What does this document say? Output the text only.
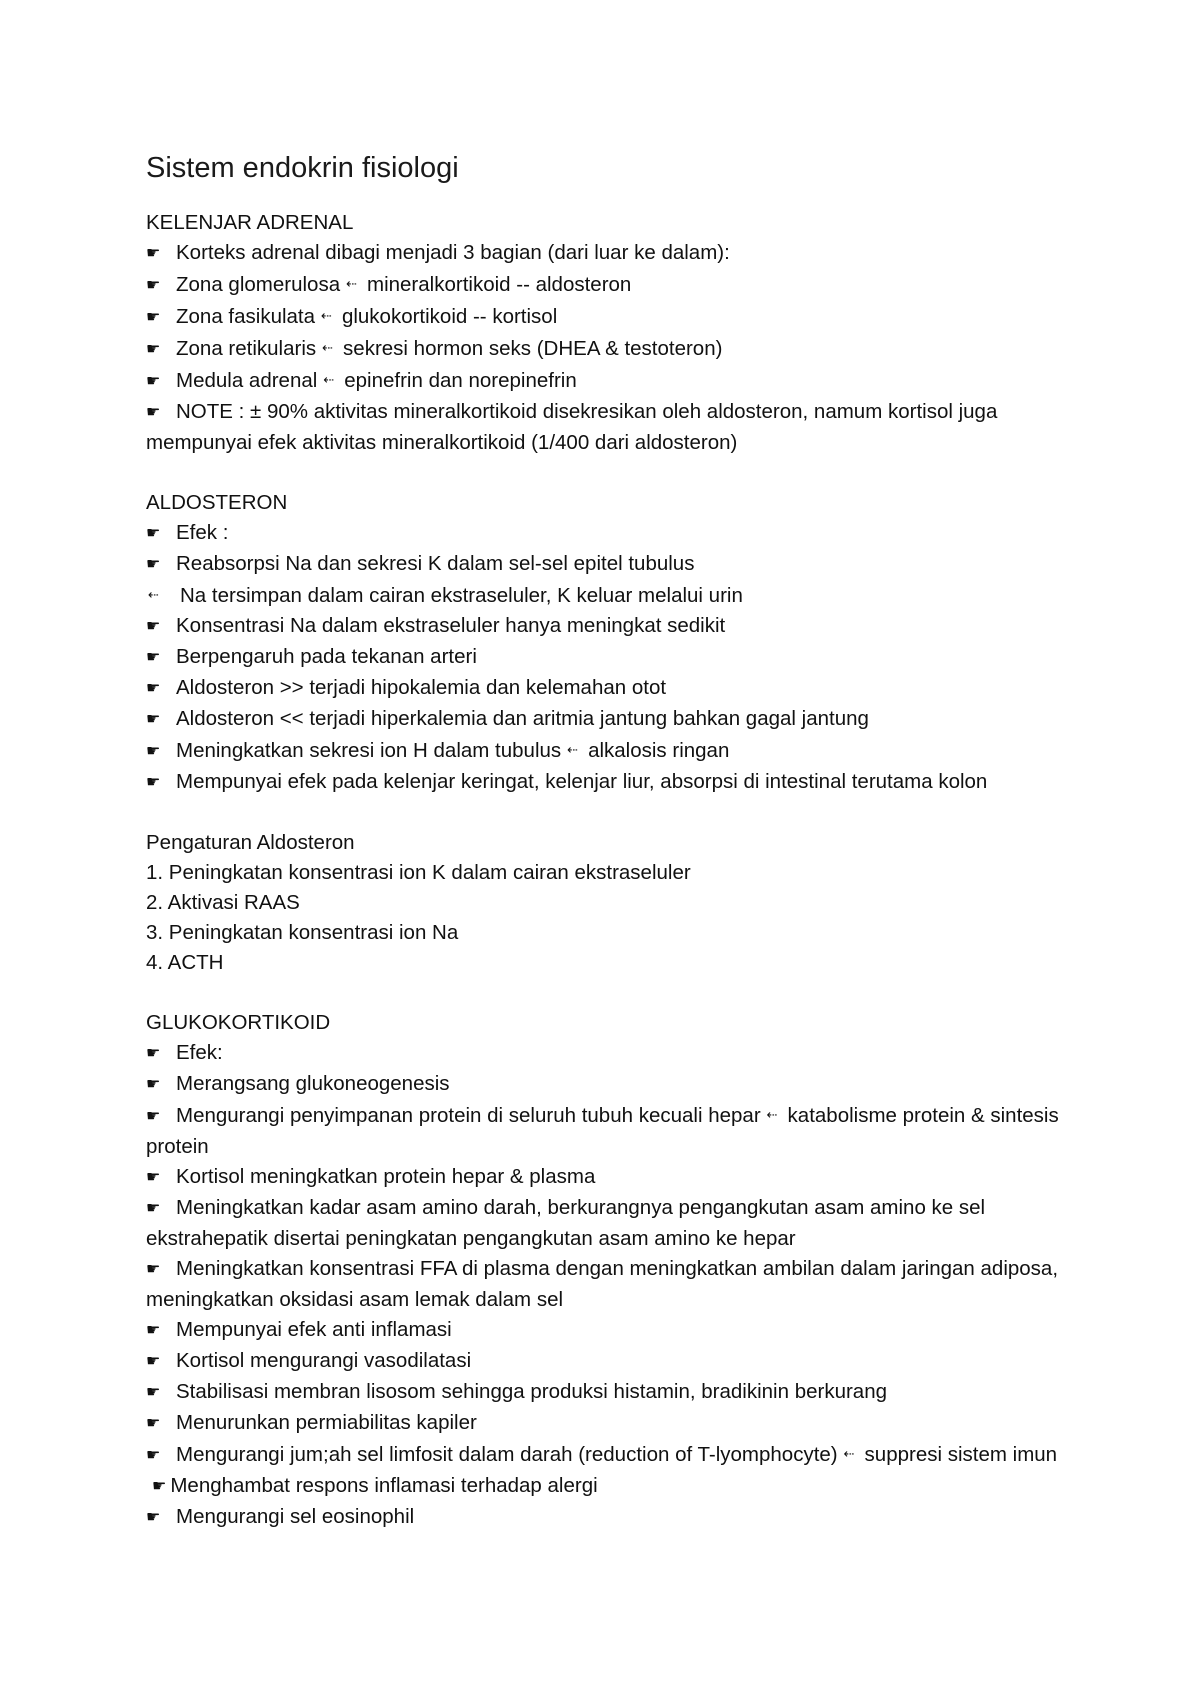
Sistem endokrin fisiologi

KELENJAR ADRENAL

☛ Korteks adrenal dibagi menjadi 3 bagian (dari luar ke dalam):

☛ Zona glomerulosa ⇠ mineralkortikoid -- aldosteron

☛ Zona fasikulata ⇠ glukokortikoid -- kortisol

☛ Zona retikularis ⇠ sekresi hormon seks (DHEA & testoteron)

☛ Medula adrenal ⇠ epinefrin dan norepinefrin

☛ NOTE : ± 90% aktivitas mineralkortikoid disekresikan oleh aldosteron, namum kortisol juga mempunyai efek aktivitas mineralkortikoid (1/400 dari aldosteron)

ALDOSTERON

☛ Efek :

☛ Reabsorpsi Na dan sekresi K dalam sel-sel epitel tubulus

⇠ Na tersimpan dalam cairan ekstraseluler, K keluar melalui urin

☛ Konsentrasi Na dalam ekstraseluler hanya meningkat sedikit

☛ Berpengaruh pada tekanan arteri

☛ Aldosteron >> terjadi hipokalemia dan kelemahan otot

☛ Aldosteron << terjadi hiperkalemia dan aritmia jantung bahkan gagal jantung

☛ Meningkatkan sekresi ion H dalam tubulus ⇠ alkalosis ringan

☛ Mempunyai efek pada kelenjar keringat, kelenjar liur, absorpsi di intestinal terutama kolon

Pengaturan Aldosteron

1. Peningkatan konsentrasi ion K dalam cairan ekstraseluler

2. Aktivasi RAAS

3. Peningkatan konsentrasi ion Na

4. ACTH

GLUKOKORTIKOID

☛ Efek:

☛ Merangsang glukoneogenesis

☛ Mengurangi penyimpanan protein di seluruh tubuh kecuali hepar ⇠ katabolisme protein & sintesis protein

☛ Kortisol meningkatkan protein hepar & plasma

☛ Meningkatkan kadar asam amino darah, berkurangnya pengangkutan asam amino ke sel ekstrahepatik disertai peningkatan pengangkutan asam amino ke hepar

☛ Meningkatkan konsentrasi FFA di plasma dengan meningkatkan ambilan dalam jaringan adiposa, meningkatkan oksidasi asam lemak dalam sel

☛ Mempunyai efek anti inflamasi

☛ Kortisol mengurangi vasodilatasi

☛ Stabilisasi membran lisosom sehingga produksi histamin, bradikinin berkurang

☛ Menurunkan permiabilitas kapiler

☛ Mengurangi jum;ah sel limfosit dalam darah (reduction of T-lyomphocyte) ⇠ suppresi sistem imun☛ Menghambat respons inflamasi terhadap alergi

☛ Mengurangi sel eosinophil
